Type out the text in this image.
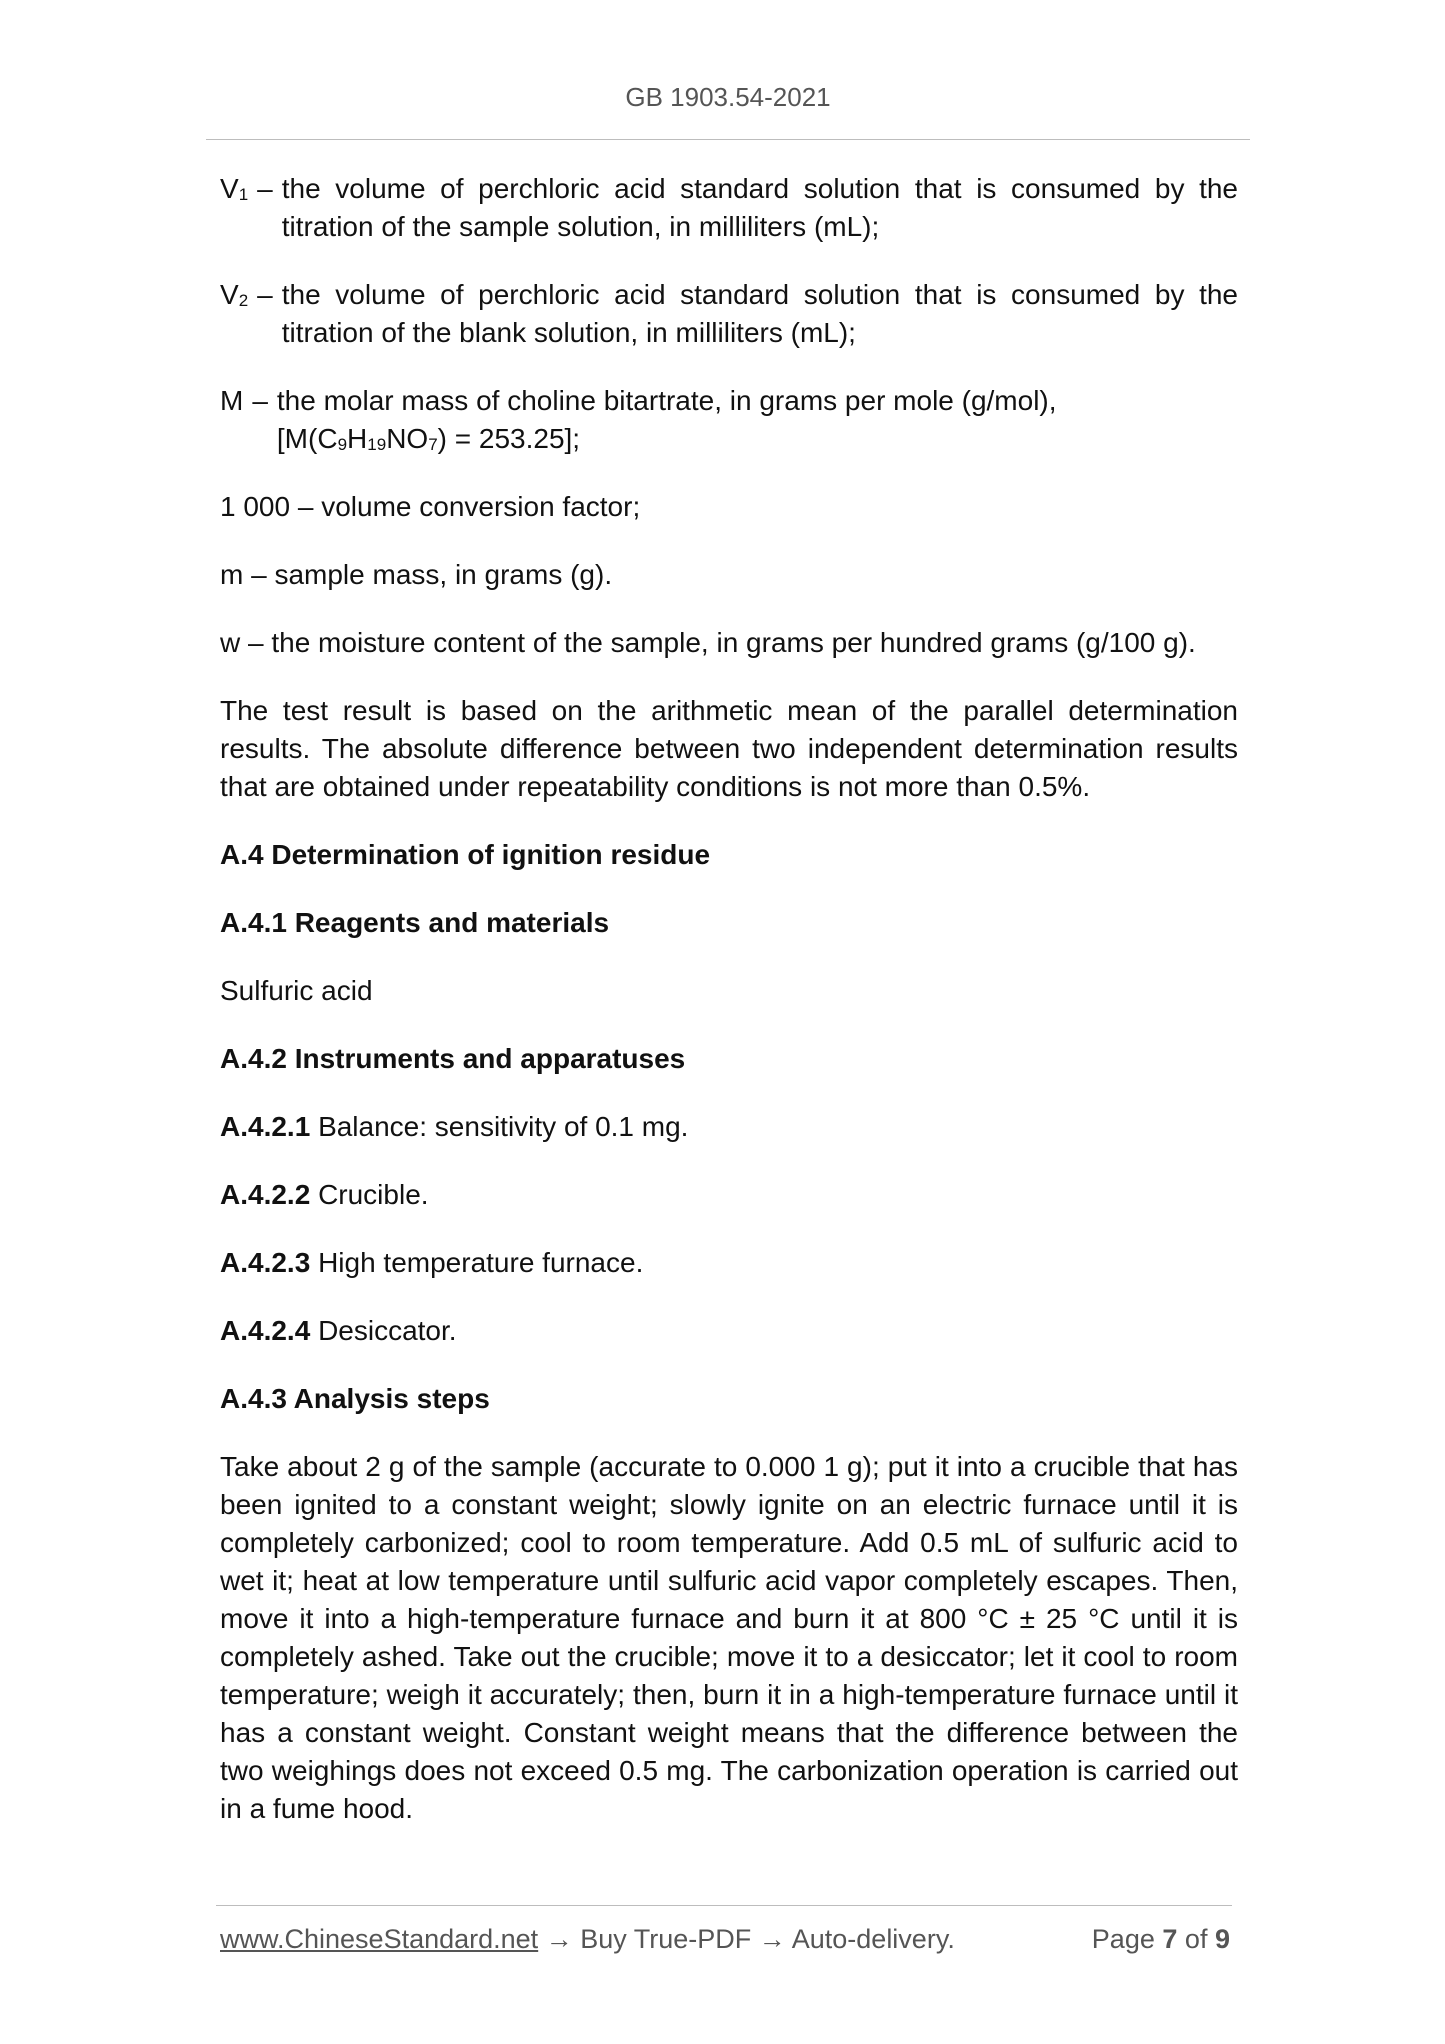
GB 1903.54-2021
$V_1$ – the volume of perchloric acid standard solution that is consumed by the titration of the sample solution, in milliliters (mL);
$V_2$ – the volume of perchloric acid standard solution that is consumed by the titration of the blank solution, in milliliters (mL);
M – the molar mass of choline bitartrate, in grams per mole (g/mol),
$[M(C_9H_{19}NO_7) = 253.25]$;

1 000 – volume conversion factor;

m – sample mass, in grams (g).

w – the moisture content of the sample, in grams per hundred grams (g/100 g).

The test result is based on the arithmetic mean of the parallel determination results. The absolute difference between two independent determination results that are obtained under repeatability conditions is not more than 0.5%.

A.4 Determination of ignition residue

A.4.1 Reagents and materials

Sulfuric acid

A.4.2 Instruments and apparatuses

A.4.2.1 Balance: sensitivity of 0.1 mg.

A.4.2.2 Crucible.

A.4.2.3 High temperature furnace.

A.4.2.4 Desiccator.

A.4.3 Analysis steps

Take about 2 g of the sample (accurate to 0.000 1 g); put it into a crucible that has been ignited to a constant weight; slowly ignite on an electric furnace until it is completely carbonized; cool to room temperature. Add 0.5 mL of sulfuric acid to wet it; heat at low temperature until sulfuric acid vapor completely escapes. Then, move it into a high-temperature furnace and burn it at 800 °C ± 25 °C until it is completely ashed. Take out the crucible; move it to a desiccator; let it cool to room temperature; weigh it accurately; then, burn it in a high-temperature furnace until it has a constant weight. Constant weight means that the difference between the two weighings does not exceed 0.5 mg. The carbonization operation is carried out in a fume hood.

www.ChineseStandard.net → Buy True-PDF → Auto-delivery.	Page 7 of 9
